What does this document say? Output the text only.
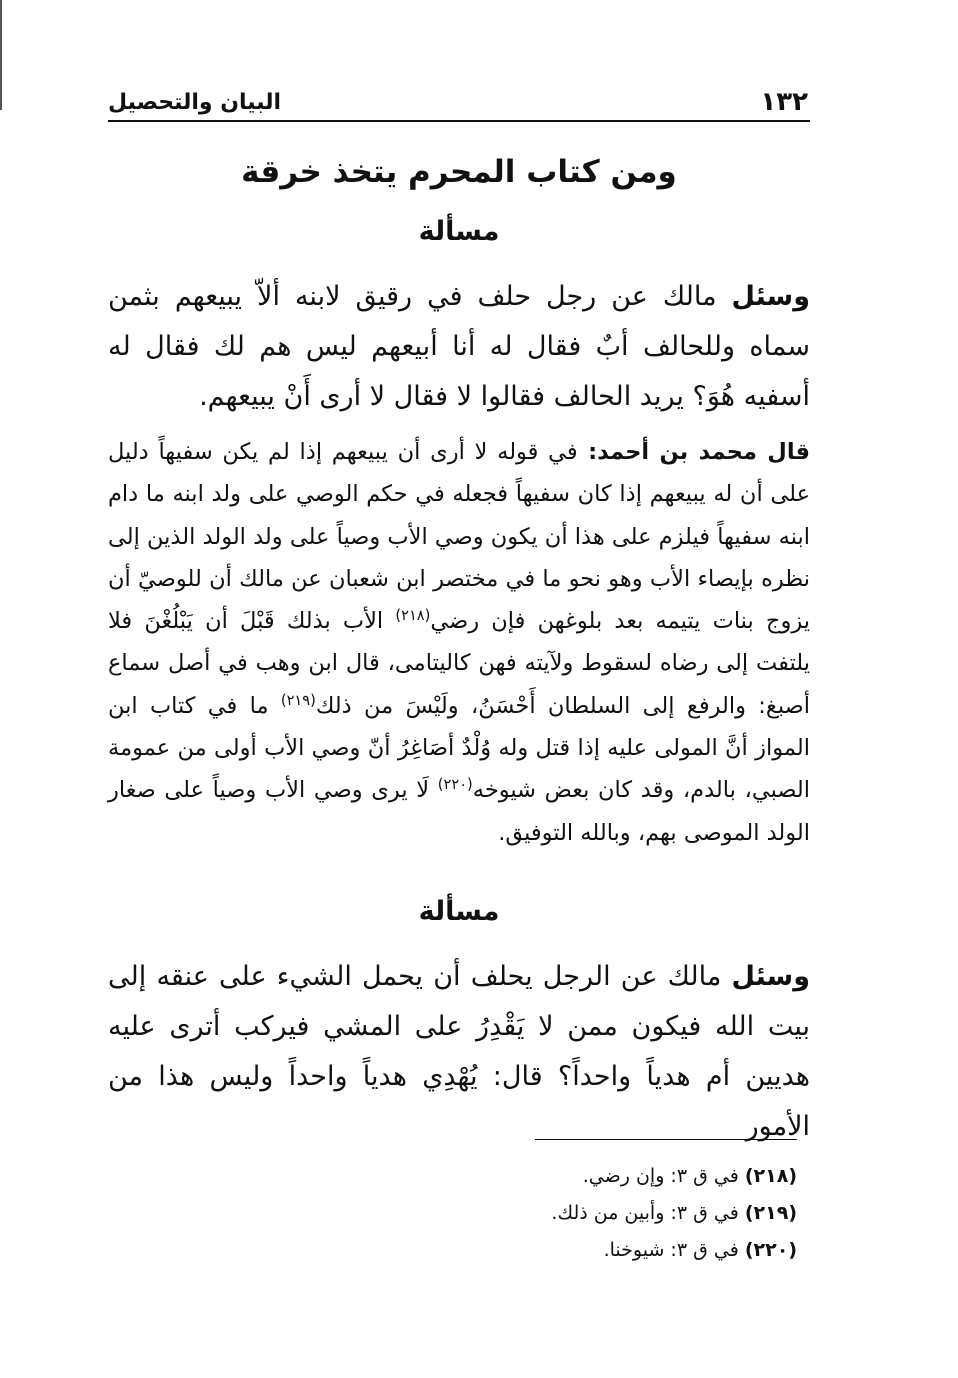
١٣٢
البيان والتحصيل
ومن كتاب المحرم يتخذ خرقة
مسألة

وسئل مالك عن رجل حلف في رقيق لابنه ألاّ يبيعهم بثمن سماه وللحالف أبٌ فقال له أنا أبيعهم ليس هم لك فقال له أسفيه هُوَ؟ يريد الحالف فقالوا لا فقال لا أرى أَنْ يبيعهم.

قال محمد بن أحمد: في قوله لا أرى أن يبيعهم إذا لم يكن سفيهاً دليل على أن له يبيعهم إذا كان سفيهاً فجعله في حكم الوصي على ولد ابنه ما دام ابنه سفيهاً فيلزم على هذا أن يكون وصي الأب وصياً على ولد الولد الذين إلى نظره بإيصاء الأب وهو نحو ما في مختصر ابن شعبان عن مالك أن للوصيّ أن يزوج بنات يتيمه بعد بلوغهن فإن رضي$^{(٢١٨)}$ الأب بذلك قَبْلَ أن يَبْلُغْنَ فلا يلتفت إلى رضاه لسقوط ولآيته فهن كاليتامى، قال ابن وهب في أصل سماع أصبغ: والرفع إلى السلطان أَحْسَنُ، ولَيْسَ من ذلك$^{(٢١٩)}$ ما في كتاب ابن المواز أنَّ المولى عليه إذا قتل وله وُلْدٌ أصَاغِرُ أنّ وصي الأب أولى من عمومة الصبي، بالدم، وقد كان بعض شيوخه$^{(٢٢٠)}$ لَا يرى وصي الأب وصياً على صغار الولد الموصى بهم، وبالله التوفيق.

مسألة

وسئل مالك عن الرجل يحلف أن يحمل الشيء على عنقه إلى بيت الله فيكون ممن لا يَقْدِرُ على المشي فيركب أترى عليه هديين أم هدياً واحداً؟ قال: يُهْدِي هدياً واحداً وليس هذا من الأمور

(٢١٨) في ق ٣: وإن رضي.
(٢١٩) في ق ٣: وأبين من ذلك.
(٢٢٠) في ق ٣: شيوخنا.
